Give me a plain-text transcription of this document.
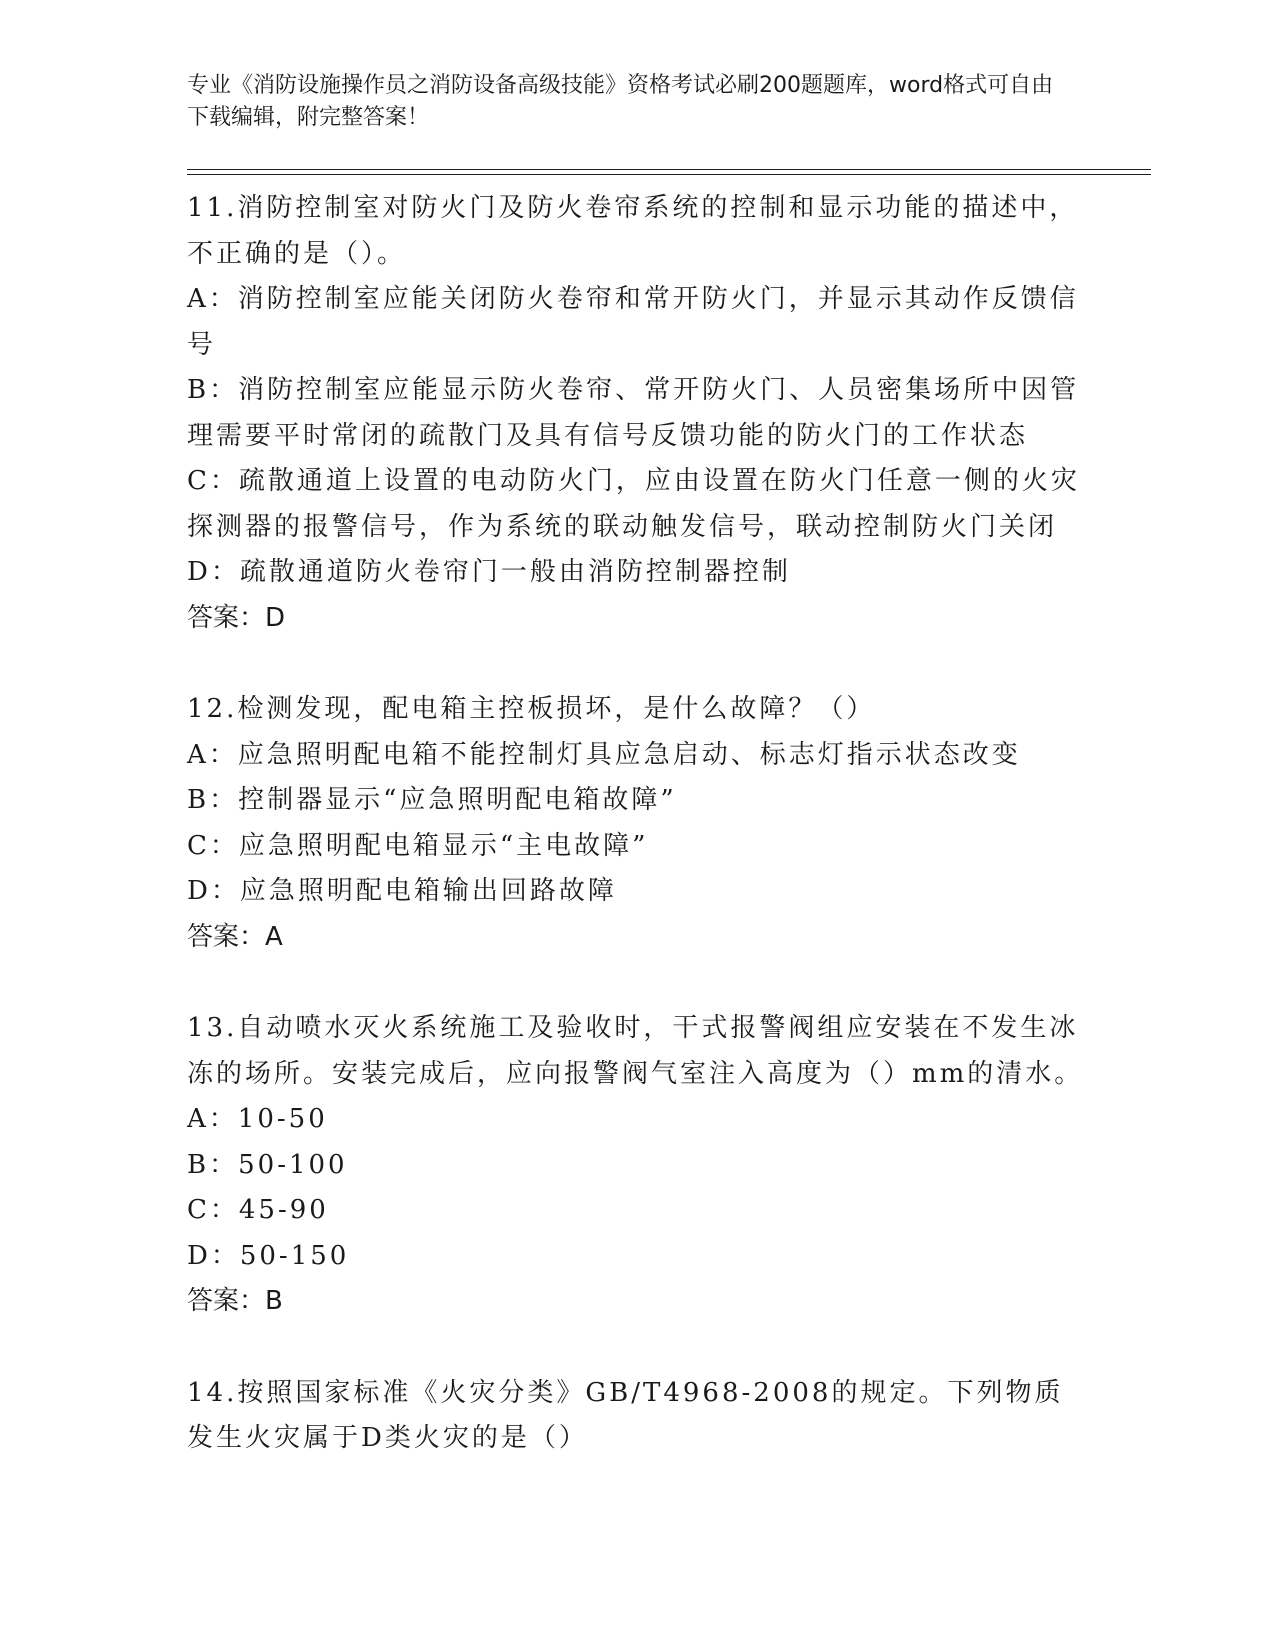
专业《消防设施操作员之消防设备高级技能》资格考试必刷200题题库，word格式可自由下载编辑，附完整答案！

11.消防控制室对防火门及防火卷帘系统的控制和显示功能的描述中，不正确的是（）。

A：消防控制室应能关闭防火卷帘和常开防火门，并显示其动作反馈信号

B：消防控制室应能显示防火卷帘、常开防火门、人员密集场所中因管理需要平时常闭的疏散门及具有信号反馈功能的防火门的工作状态

C：疏散通道上设置的电动防火门，应由设置在防火门任意一侧的火灾探测器的报警信号，作为系统的联动触发信号，联动控制防火门关闭

D：疏散通道防火卷帘门一般由消防控制器控制

答案：D

12.检测发现，配电箱主控板损坏，是什么故障？（）

A：应急照明配电箱不能控制灯具应急启动、标志灯指示状态改变

B：控制器显示“应急照明配电箱故障”

C：应急照明配电箱显示“主电故障”

D：应急照明配电箱输出回路故障

答案：A

13.自动喷水灭火系统施工及验收时，干式报警阀组应安装在不发生冰冻的场所。安装完成后，应向报警阀气室注入高度为（）mm的清水。

A：10-50

B：50-100

C：45-90

D：50-150

答案：B

14.按照国家标准《火灾分类》GB/T4968-2008的规定。下列物质发生火灾属于D类火灾的是（）
